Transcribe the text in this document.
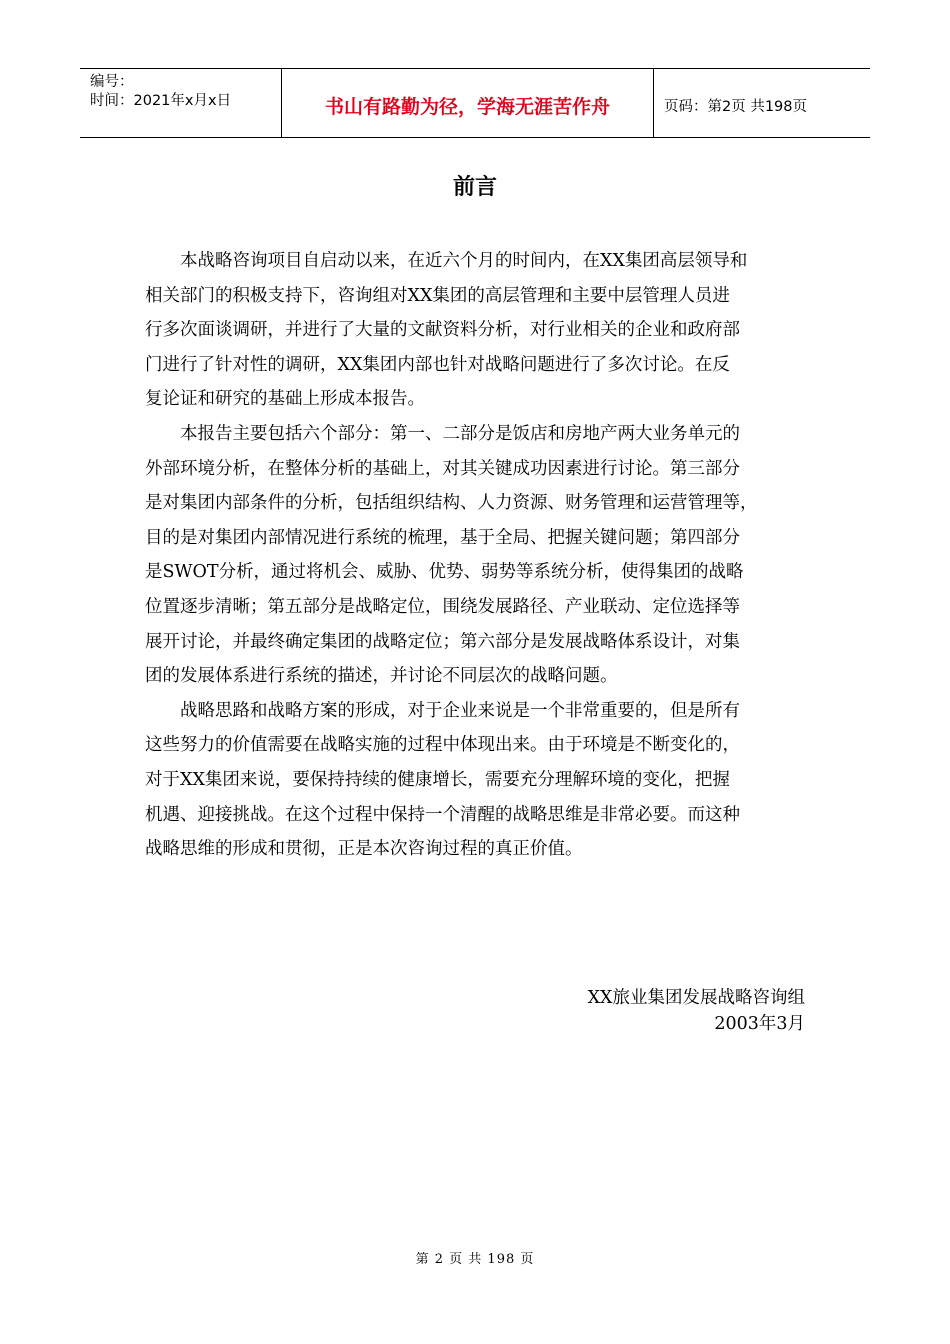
编号：
时间：2021年x月x日	书山有路勤为径，学海无涯苦作舟	页码：第2页 共198页
前言

本战略咨询项目自启动以来，在近六个月的时间内，在XX集团高层领导和
相关部门的积极支持下，咨询组对XX集团的高层管理和主要中层管理人员进
行多次面谈调研，并进行了大量的文献资料分析，对行业相关的企业和政府部
门进行了针对性的调研，XX集团内部也针对战略问题进行了多次讨论。在反
复论证和研究的基础上形成本报告。

本报告主要包括六个部分：第一、二部分是饭店和房地产两大业务单元的
外部环境分析，在整体分析的基础上，对其关键成功因素进行讨论。第三部分
是对集团内部条件的分析，包括组织结构、人力资源、财务管理和运营管理等，
目的是对集团内部情况进行系统的梳理，基于全局、把握关键问题；第四部分
是SWOT分析，通过将机会、威胁、优势、弱势等系统分析，使得集团的战略
位置逐步清晰；第五部分是战略定位，围绕发展路径、产业联动、定位选择等
展开讨论，并最终确定集团的战略定位；第六部分是发展战略体系设计，对集
团的发展体系进行系统的描述，并讨论不同层次的战略问题。

战略思路和战略方案的形成，对于企业来说是一个非常重要的，但是所有
这些努力的价值需要在战略实施的过程中体现出来。由于环境是不断变化的，
对于XX集团来说，要保持持续的健康增长，需要充分理解环境的变化，把握
机遇、迎接挑战。在这个过程中保持一个清醒的战略思维是非常必要。而这种
战略思维的形成和贯彻，正是本次咨询过程的真正价值。

XX旅业集团发展战略咨询组
2003年3月
第 2 页 共 198 页
